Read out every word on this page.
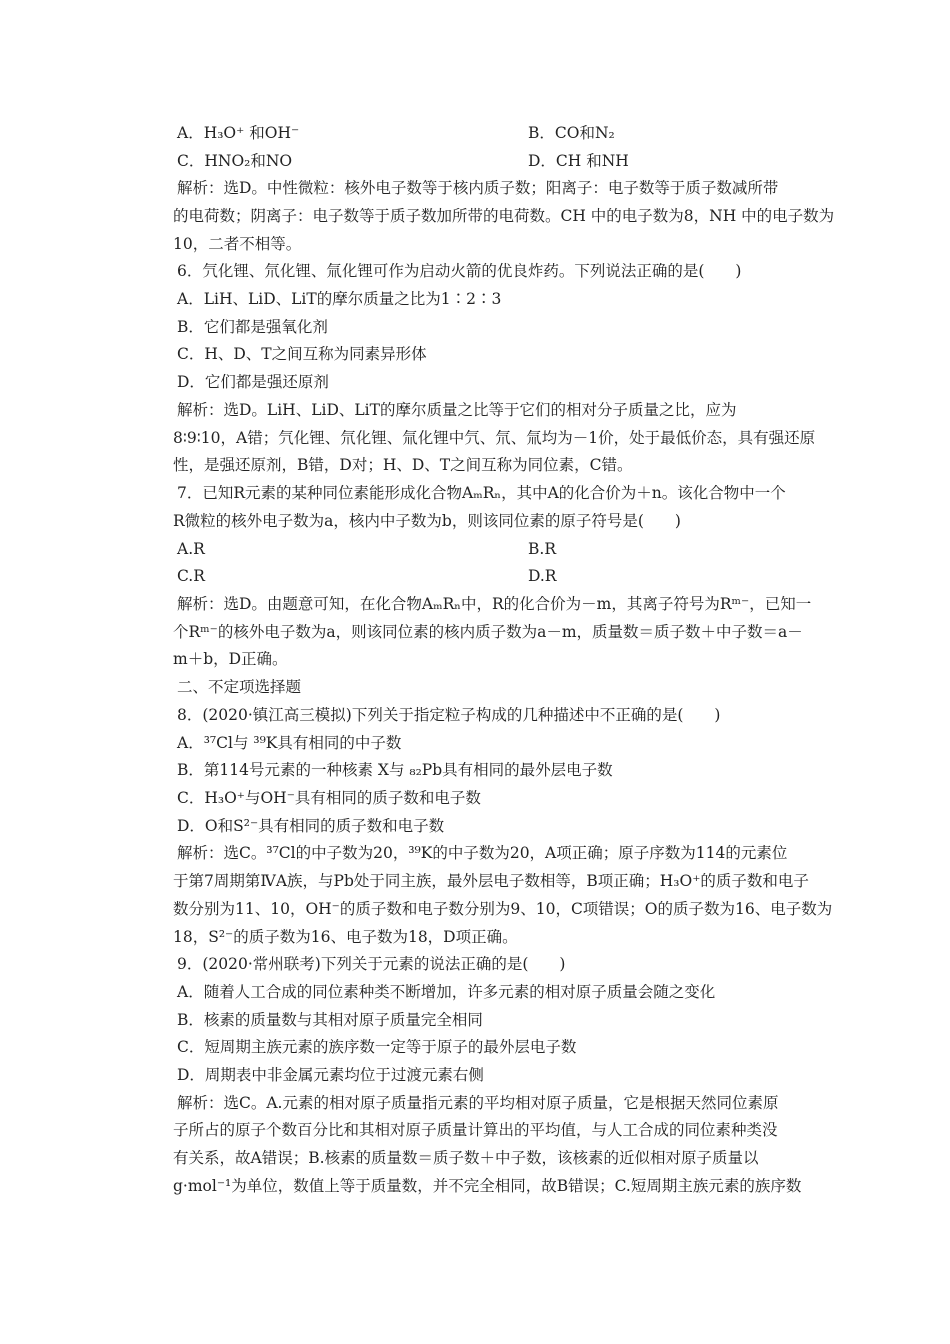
A．H₃O⁺ 和OH⁻	B．CO和N₂
C．HNO₂和NO	D．CH 和NH
解析：选D。中性微粒：核外电子数等于核内质子数；阳离子：电子数等于质子数减所带
的电荷数；阴离子：电子数等于质子数加所带的电荷数。CH 中的电子数为8，NH 中的电子数为
10，二者不相等。
6．氕化锂、氘化锂、氚化锂可作为启动火箭的优良炸药。下列说法正确的是(　　)
A．LiH、LiD、LiT的摩尔质量之比为1∶2∶3
B．它们都是强氧化剂
C．H、D、T之间互称为同素异形体
D．它们都是强还原剂
解析：选D。LiH、LiD、LiT的摩尔质量之比等于它们的相对分子质量之比，应为
8∶9∶10，A错；氕化锂、氘化锂、氚化锂中氕、氘、氚均为－1价，处于最低价态，具有强还原
性，是强还原剂，B错，D对；H、D、T之间互称为同位素，C错。
7．已知R元素的某种同位素能形成化合物AₘRₙ，其中A的化合价为＋n。该化合物中一个
R微粒的核外电子数为a，核内中子数为b，则该同位素的原子符号是(　　)
A.R	B.R
C.R	D.R
解析：选D。由题意可知，在化合物AₘRₙ中，R的化合价为－m，其离子符号为Rᵐ⁻，已知一
个Rᵐ⁻的核外电子数为a，则该同位素的核内质子数为a－m，质量数＝质子数＋中子数＝a－
m＋b，D正确。
二、不定项选择题
8．(2020·镇江高三模拟)下列关于指定粒子构成的几种描述中不正确的是(　　)
A．³⁷Cl与 ³⁹K具有相同的中子数
B．第114号元素的一种核素 X与 ₈₂Pb具有相同的最外层电子数
C．H₃O⁺与OH⁻具有相同的质子数和电子数
D．O和S²⁻具有相同的质子数和电子数
解析：选C。³⁷Cl的中子数为20，³⁹K的中子数为20，A项正确；原子序数为114的元素位
于第7周期第ⅣA族，与Pb处于同主族，最外层电子数相等，B项正确；H₃O⁺的质子数和电子
数分别为11、10，OH⁻的质子数和电子数分别为9、10，C项错误；O的质子数为16、电子数为
18，S²⁻的质子数为16、电子数为18，D项正确。
9．(2020·常州联考)下列关于元素的说法正确的是(　　)
A．随着人工合成的同位素种类不断增加，许多元素的相对原子质量会随之变化
B．核素的质量数与其相对原子质量完全相同
C．短周期主族元素的族序数一定等于原子的最外层电子数
D．周期表中非金属元素均位于过渡元素右侧
解析：选C。A.元素的相对原子质量指元素的平均相对原子质量，它是根据天然同位素原
子所占的原子个数百分比和其相对原子质量计算出的平均值，与人工合成的同位素种类没
有关系，故A错误；B.核素的质量数＝质子数＋中子数，该核素的近似相对原子质量以
g·mol⁻¹为单位，数值上等于质量数，并不完全相同，故B错误；C.短周期主族元素的族序数
